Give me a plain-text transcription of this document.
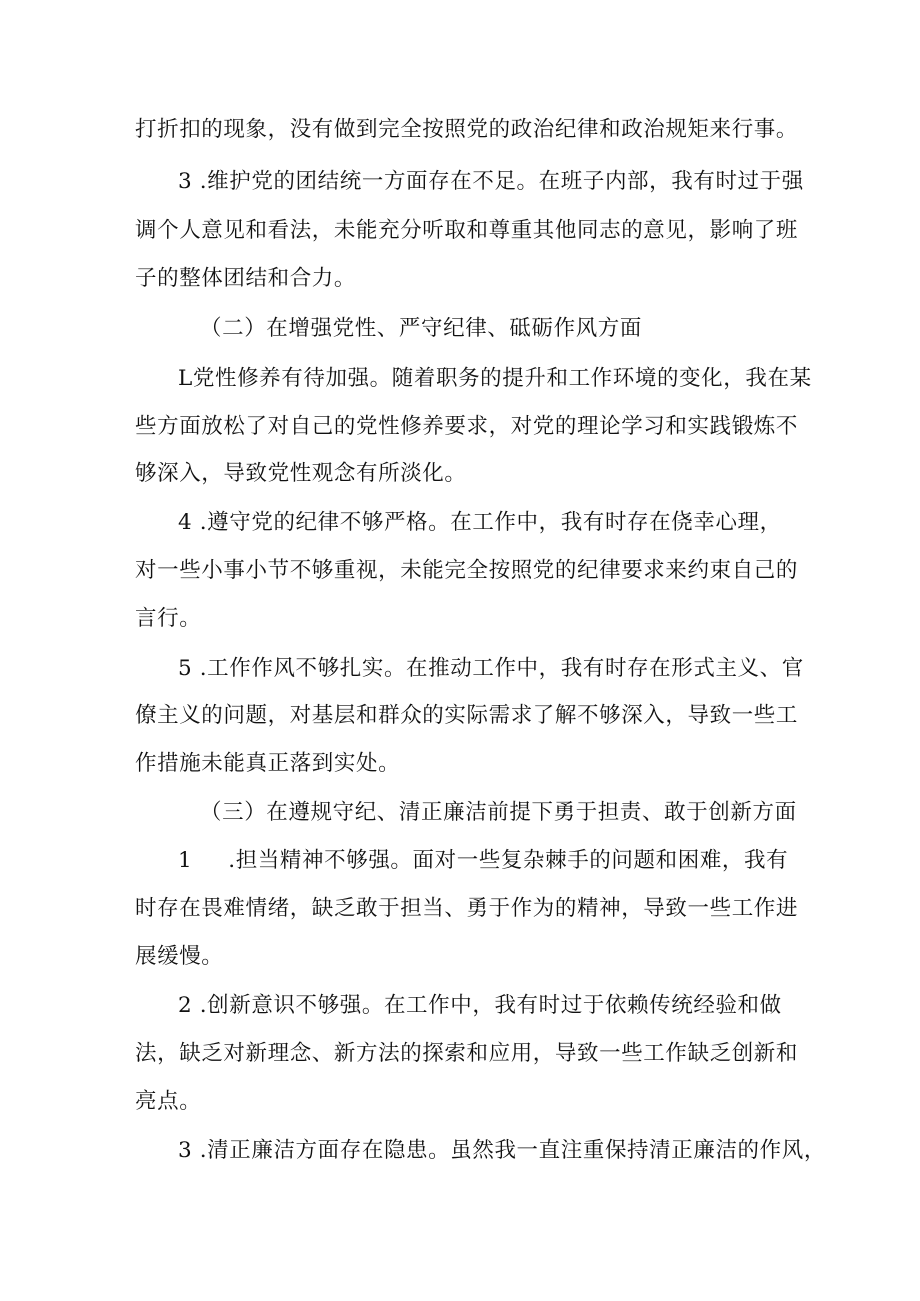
打折扣的现象，没有做到完全按照党的政治纪律和政治规矩来行事。
3 .维护党的团结统一方面存在不足。在班子内部，我有时过于强
调个人意见和看法，未能充分听取和尊重其他同志的意见，影响了班
子的整体团结和合力。
（二）在增强党性、严守纪律、砥砺作风方面
L党性修养有待加强。随着职务的提升和工作环境的变化，我在某
些方面放松了对自己的党性修养要求，对党的理论学习和实践锻炼不
够深入，导致党性观念有所淡化。
4 .遵守党的纪律不够严格。在工作中，我有时存在侥幸心理，
对一些小事小节不够重视，未能完全按照党的纪律要求来约束自己的
言行。
5 .工作作风不够扎实。在推动工作中，我有时存在形式主义、官
僚主义的问题，对基层和群众的实际需求了解不够深入，导致一些工
作措施未能真正落到实处。
（三）在遵规守纪、清正廉洁前提下勇于担责、敢于创新方面
1 .担当精神不够强。面对一些复杂棘手的问题和困难，我有
时存在畏难情绪，缺乏敢于担当、勇于作为的精神，导致一些工作进
展缓慢。
2 .创新意识不够强。在工作中，我有时过于依赖传统经验和做
法，缺乏对新理念、新方法的探索和应用，导致一些工作缺乏创新和
亮点。
3 .清正廉洁方面存在隐患。虽然我一直注重保持清正廉洁的作风，
